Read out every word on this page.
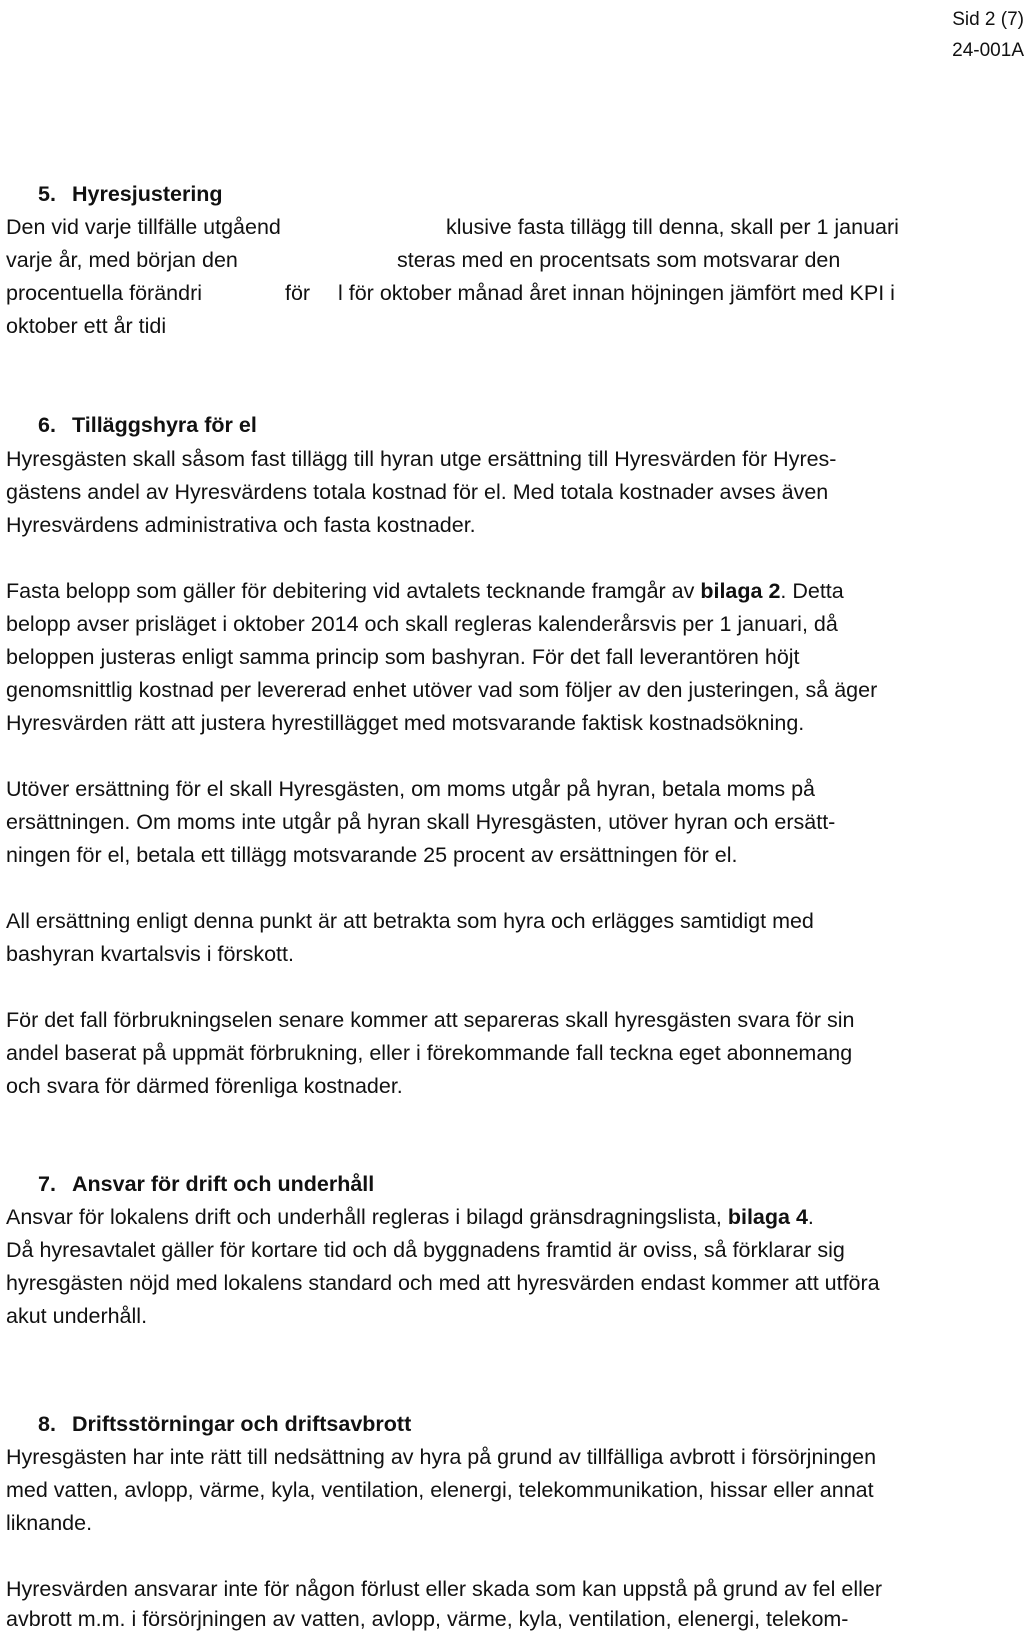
Sid 2 (7)
24-001A
5. Hyresjustering
Den vid varje tillfälle utgåend	klusive fasta tillägg till denna, skall per 1 januari
varje år, med början den	steras med en procentsats som motsvarar den
procentuella förändri	för l för oktober månad året innan höjningen jämfört med KPI i
oktober ett år tidi
6. Tilläggshyra för el
Hyresgästen skall såsom fast tillägg till hyran utge ersättning till Hyresvärden för Hyres-
gästens andel av Hyresvärdens totala kostnad för el. Med totala kostnader avses även
Hyresvärdens administrativa och fasta kostnader.
Fasta belopp som gäller för debitering vid avtalets tecknande framgår av bilaga 2. Detta
belopp avser prisläget i oktober 2014 och skall regleras kalenderårsvis per 1 januari, då
beloppen justeras enligt samma princip som bashyran. För det fall leverantören höjt
genomsnittlig kostnad per levererad enhet utöver vad som följer av den justeringen, så äger
Hyresvärden rätt att justera hyrestillägget med motsvarande faktisk kostnadsökning.
Utöver ersättning för el skall Hyresgästen, om moms utgår på hyran, betala moms på
ersättningen. Om moms inte utgår på hyran skall Hyresgästen, utöver hyran och ersätt-
ningen för el, betala ett tillägg motsvarande 25 procent av ersättningen för el.
All ersättning enligt denna punkt är att betrakta som hyra och erlägges samtidigt med
bashyran kvartalsvis i förskott.
För det fall förbrukningselen senare kommer att separeras skall hyresgästen svara för sin
andel baserat på uppmät förbrukning, eller i förekommande fall teckna eget abonnemang
och svara för därmed förenliga kostnader.
7. Ansvar för drift och underhåll
Ansvar för lokalens drift och underhåll regleras i bilagd gränsdragningslista, bilaga 4.
Då hyresavtalet gäller för kortare tid och då byggnadens framtid är oviss, så förklarar sig
hyresgästen nöjd med lokalens standard och med att hyresvärden endast kommer att utföra
akut underhåll.
8. Driftsstörningar och driftsavbrott
Hyresgästen har inte rätt till nedsättning av hyra på grund av tillfälliga avbrott i försörjningen
med vatten, avlopp, värme, kyla, ventilation, elenergi, telekommunikation, hissar eller annat
liknande.
Hyresvärden ansvarar inte för någon förlust eller skada som kan uppstå på grund av fel eller
avbrott m.m. i försörjningen av vatten, avlopp, värme, kyla, ventilation, elenergi, telekom-
